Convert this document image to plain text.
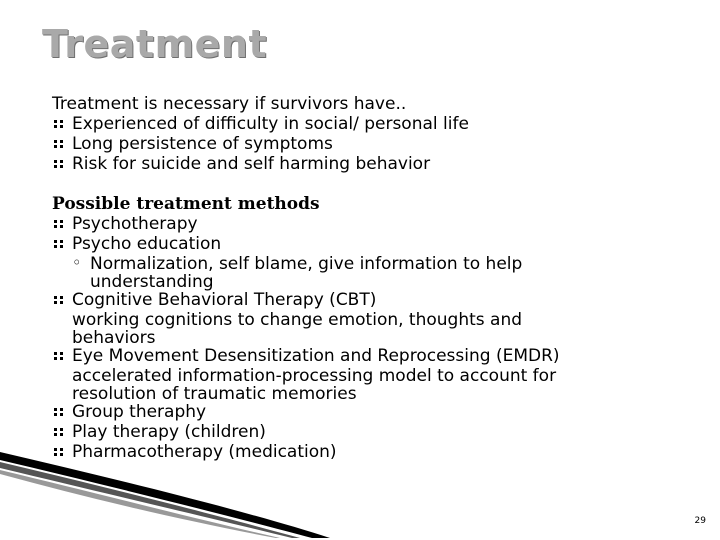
Treatment
Treatment is necessary if survivors have..
Experienced of difficulty in social/ personal life
Long persistence of symptoms
Risk for suicide and self harming behavior
Possible treatment methods
Psychotherapy
Psycho education
◦ Normalization, self blame, give information to help
understanding
Cognitive Behavioral Therapy (CBT)
working cognitions to change emotion, thoughts and
behaviors
Eye Movement Desensitization and Reprocessing (EMDR)
accelerated information-processing model to account for
resolution of traumatic memories
Group theraphy
Play therapy (children)
Pharmacotherapy (medication)
29
